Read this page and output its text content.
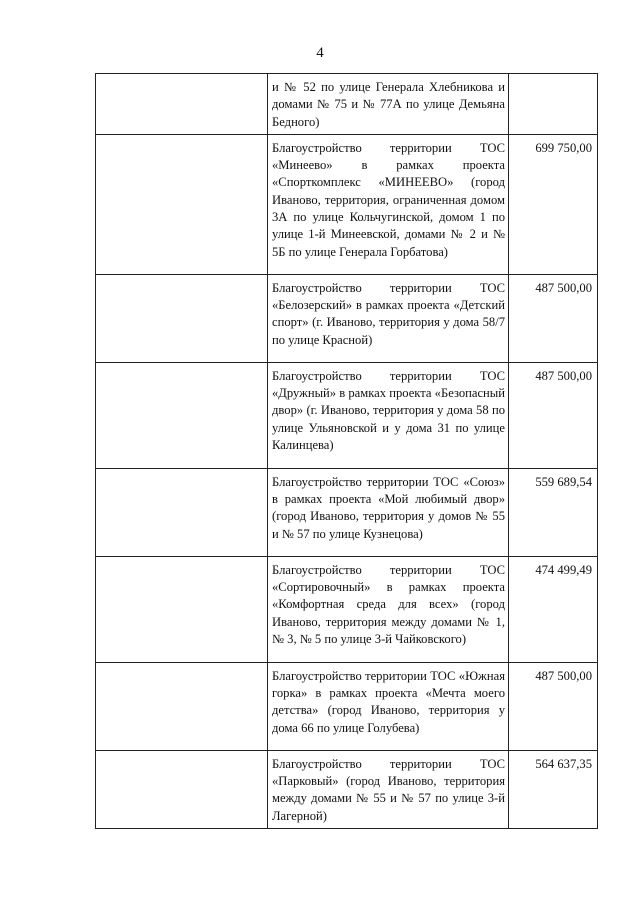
4
	и № 52 по улице Генерала Хлебникова и домами № 75 и № 77А по улице Демьяна Бедного)	
	Благоустройство территории ТОС «Минеево» в рамках проекта «Спорткомплекс «МИНЕЕВО» (город Иваново, территория, ограниченная домом 3А по улице Кольчугинской, домом 1 по улице 1-й Минеевской, домами № 2 и № 5Б по улице Генерала Горбатова)	699 750,00
	Благоустройство территории ТОС «Белозерский» в рамках проекта «Детский спорт» (г. Иваново, территория у дома 58/7 по улице Красной)	487 500,00
	Благоустройство территории ТОС «Дружный» в рамках проекта «Безопасный двор» (г. Иваново, территория у дома 58 по улице Ульяновской и у дома 31 по улице Калинцева)	487 500,00
	Благоустройство территории ТОС «Союз» в рамках проекта «Мой любимый двор» (город Иваново, территория у домов № 55 и № 57 по улице Кузнецова)	559 689,54
	Благоустройство территории ТОС «Сортировочный» в рамках проекта «Комфортная среда для всех» (город Иваново, территория между домами № 1, № 3, № 5 по улице 3-й Чайковского)	474 499,49
	Благоустройство территории ТОС «Южная горка» в рамках проекта «Мечта моего детства» (город Иваново, территория у дома 66 по улице Голубева)	487 500,00
	Благоустройство территории ТОС «Парковый» (город Иваново, территория между домами № 55 и № 57 по улице 3-й Лагерной)	564 637,35
